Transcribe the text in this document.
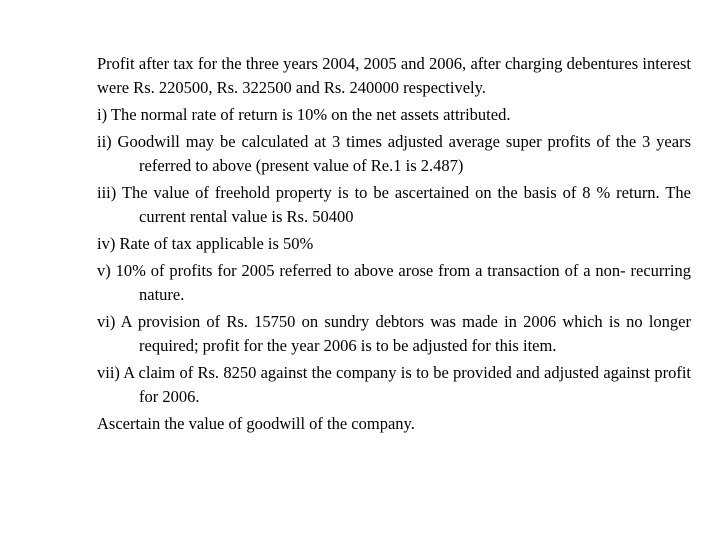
Profit after tax for the three years 2004, 2005 and 2006, after charging debentures interest were Rs. 220500, Rs. 322500 and Rs. 240000 respectively.

i) The normal rate of return is 10% on the net assets attributed.

ii) Goodwill may be calculated at 3 times adjusted average super profits of the 3 years referred to above (present value of Re.1 is 2.487)

iii) The value of freehold property is to be ascertained on the basis of 8 % return. The current rental value is Rs. 50400

iv) Rate of tax applicable is 50%

v) 10% of profits for 2005 referred to above arose from a transaction of a non- recurring nature.

vi) A provision of Rs. 15750 on sundry debtors was made in 2006 which is no longer required; profit for the year 2006 is to be adjusted for this item.

vii) A claim of Rs. 8250 against the company is to be provided and adjusted against profit for 2006.

Ascertain the value of goodwill of the company.
